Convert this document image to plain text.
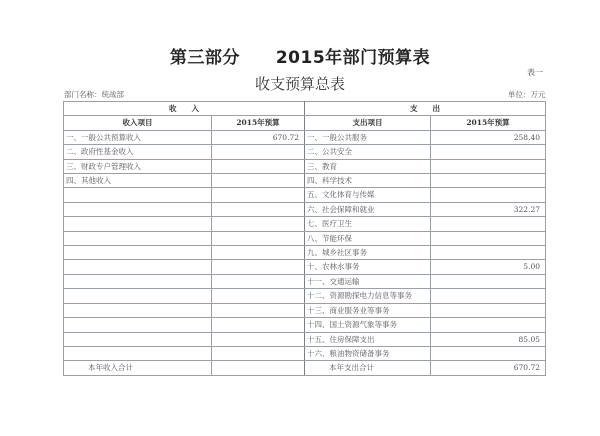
第三部分 2015年部门预算表
表一
收支预算总表
部门名称：统战部	单位：万元
收　　入		支　　出	
收入项目	2015年预算	支出项目	2015年预算
一、一般公共预算收入	670.72	一、一般公共服务	258.40
二、政府性基金收入		二、公共安全	
三、财政专户管理收入		三、教育	
四、其他收入		四、科学技术	
		五、文化体育与传媒	
		六、社会保障和就业	322.27
		七、医疗卫生	
		八、节能环保	
		九、城乡社区事务	
		十、农林水事务	5.00
		十一、交通运输	
		十二、资源勘探电力信息等事务	
		十三、商业服务业等事务	
		十四、国土资源气象等事务	
		十五、住房保障支出	85.05
		十六、粮油物资储备事务	
本年收入合计		本年支出合计	670.72
